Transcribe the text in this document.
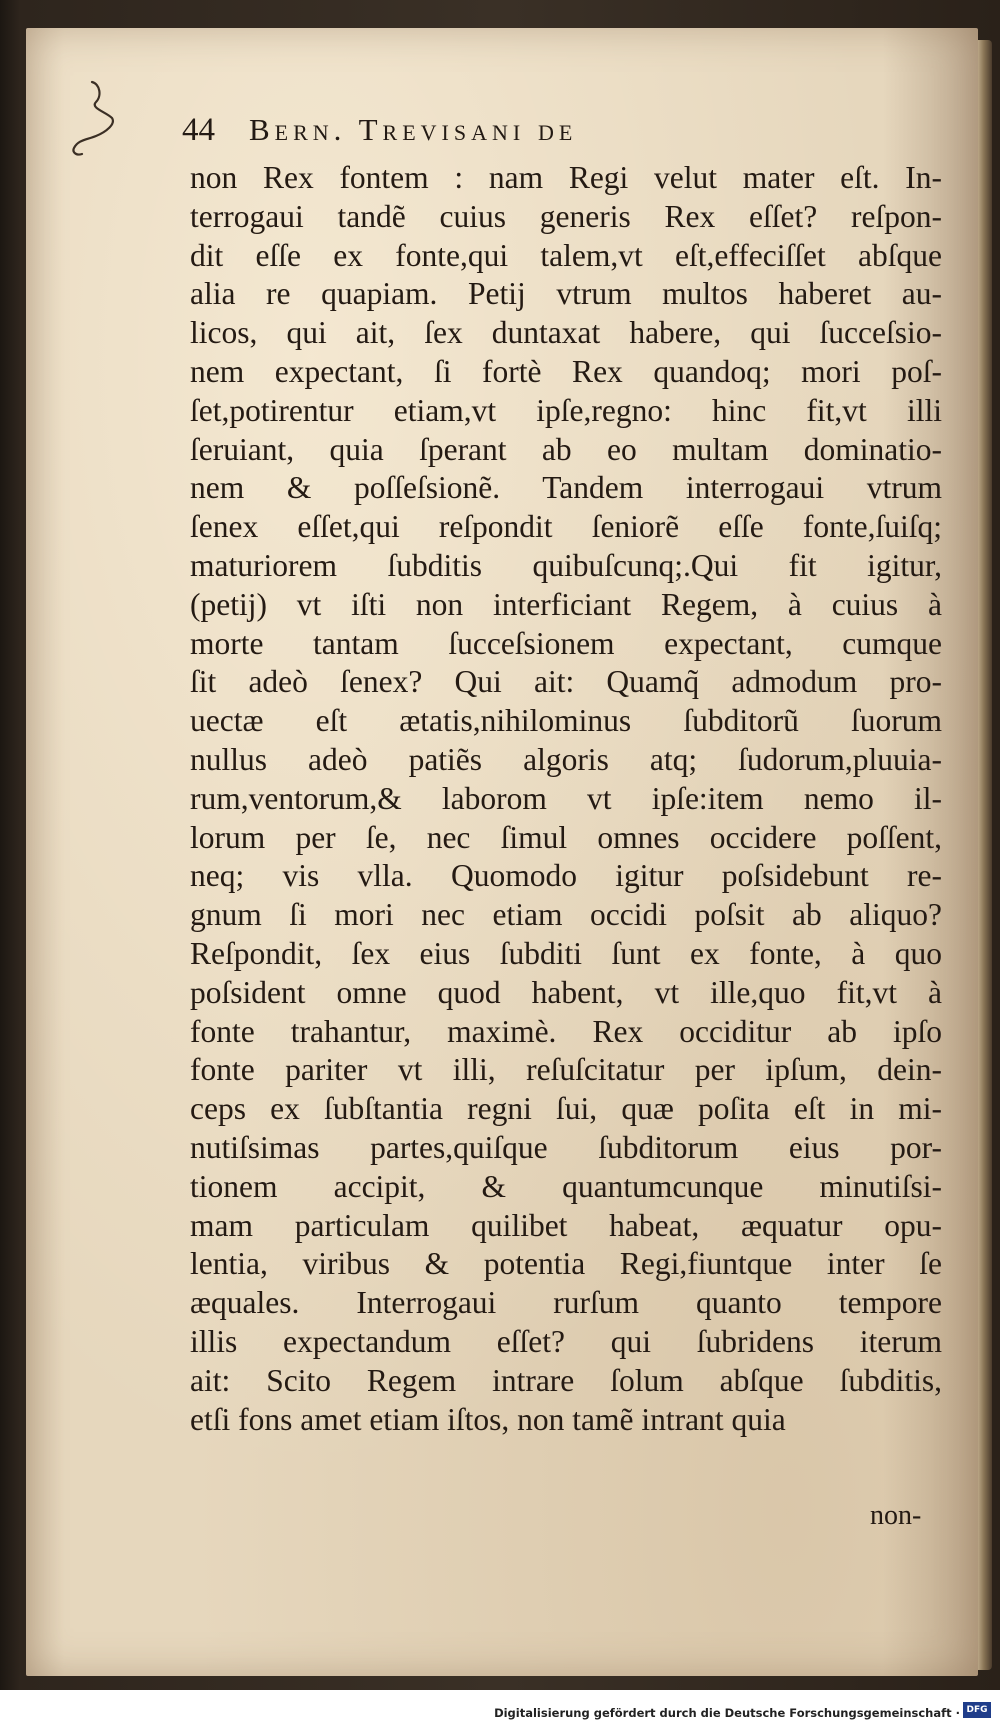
44 Bern. Trevisani de
non Rex fontem : nam Regi velut mater eſt. In-
terrogaui tandẽ cuius generis Rex eſſet? reſpon-
dit eſſe ex fonte,qui talem,vt eſt,effeciſſet abſque
alia re quapiam. Petij vtrum multos haberet au-
licos, qui ait, ſex duntaxat habere, qui ſucceſsio-
nem expectant, ſi fortè Rex quandoq; mori poſ-
ſet,potirentur etiam,vt ipſe,regno: hinc fit,vt illi
ſeruiant, quia ſperant ab eo multam dominatio-
nem & poſſeſsionẽ. Tandem interrogaui vtrum
ſenex eſſet,qui reſpondit ſeniorẽ eſſe fonte,ſuiſq;
maturiorem ſubditis quibuſcunq;.Qui fit igitur,
(petij) vt iſti non interficiant Regem, à cuius à
morte tantam ſucceſsionem expectant, cumque
ſit adeò ſenex? Qui ait: Quamq̃ admodum pro-
uectæ eſt ætatis,nihilominus ſubditorũ ſuorum
nullus adeò patiẽs algoris atq; ſudorum,pluuia-
rum,ventorum,& laborom vt ipſe:item nemo il-
lorum per ſe, nec ſimul omnes occidere poſſent,
neq; vis vlla. Quomodo igitur poſsidebunt re-
gnum ſi mori nec etiam occidi poſsit ab aliquo?
Reſpondit, ſex eius ſubditi ſunt ex fonte, à quo
poſsident omne quod habent, vt ille,quo fit,vt à
fonte trahantur, maximè. Rex occiditur ab ipſo
fonte pariter vt illi, reſuſcitatur per ipſum, dein-
ceps ex ſubſtantia regni ſui, quæ poſita eſt in mi-
nutiſsimas partes,quiſque ſubditorum eius por-
tionem accipit, & quantumcunque minutiſsi-
mam particulam quilibet habeat, æquatur opu-
lentia, viribus & potentia Regi,fiuntque inter ſe
æquales. Interrogaui rurſum quanto tempore
illis expectandum eſſet? qui ſubridens iterum
ait: Scito Regem intrare ſolum abſque ſubditis,
etſi fons amet etiam iſtos, non tamẽ intrant quia
non-
Digitalisierung gefördert durch die Deutsche Forschungsgemeinschaft · DFG
